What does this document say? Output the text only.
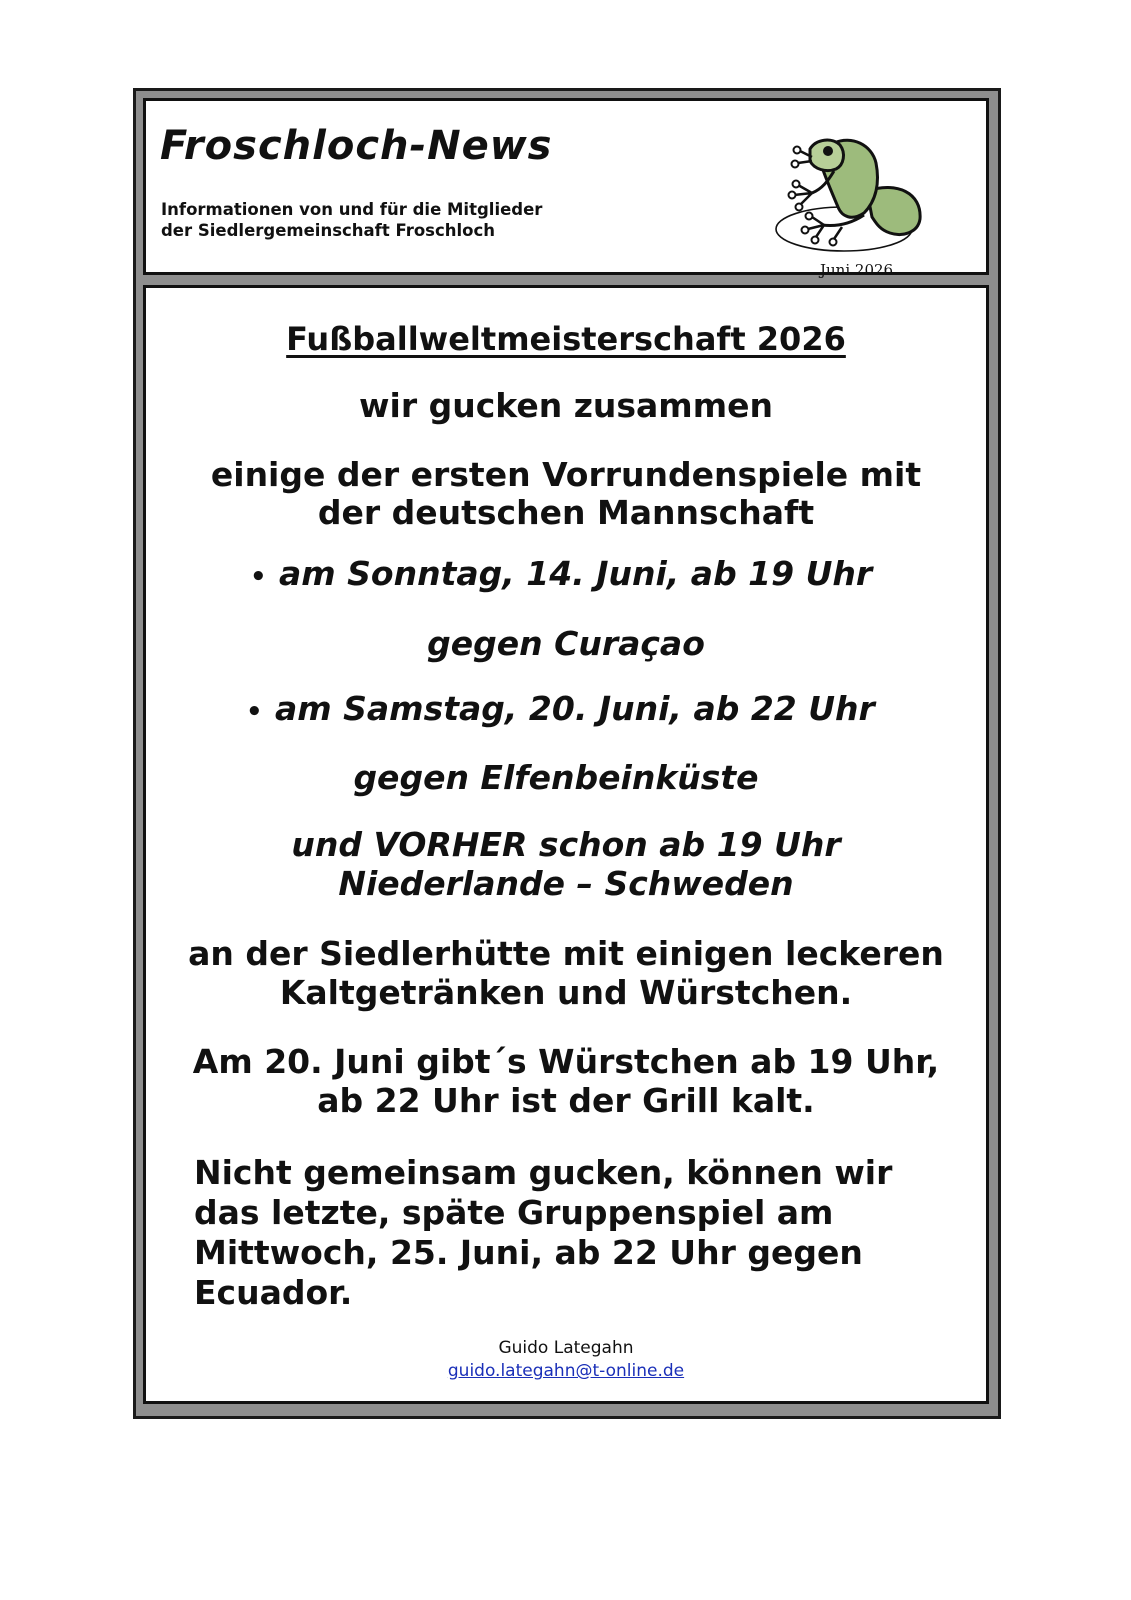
Froschloch-News
Informationen von und für die Mitglieder
der Siedlergemeinschaft Froschloch
Juni 2026
Fußballweltmeisterschaft 2026
wir gucken zusammen
einige der ersten Vorrundenspiele mit
der deutschen Mannschaft
• am Sonntag, 14. Juni, ab 19 Uhr
gegen Curaçao
• am Samstag, 20. Juni, ab 22 Uhr
gegen Elfenbeinküste
und VORHER schon ab 19 Uhr
Niederlande – Schweden
an der Siedlerhütte mit einigen leckeren
Kaltgetränken und Würstchen.
Am 20. Juni gibt´s Würstchen ab 19 Uhr,
ab 22 Uhr ist der Grill kalt.
Nicht gemeinsam gucken, können wir
das letzte, späte Gruppenspiel am
Mittwoch, 25. Juni, ab 22 Uhr gegen
Ecuador.
Guido Lategahn
guido.lategahn@t-online.de
